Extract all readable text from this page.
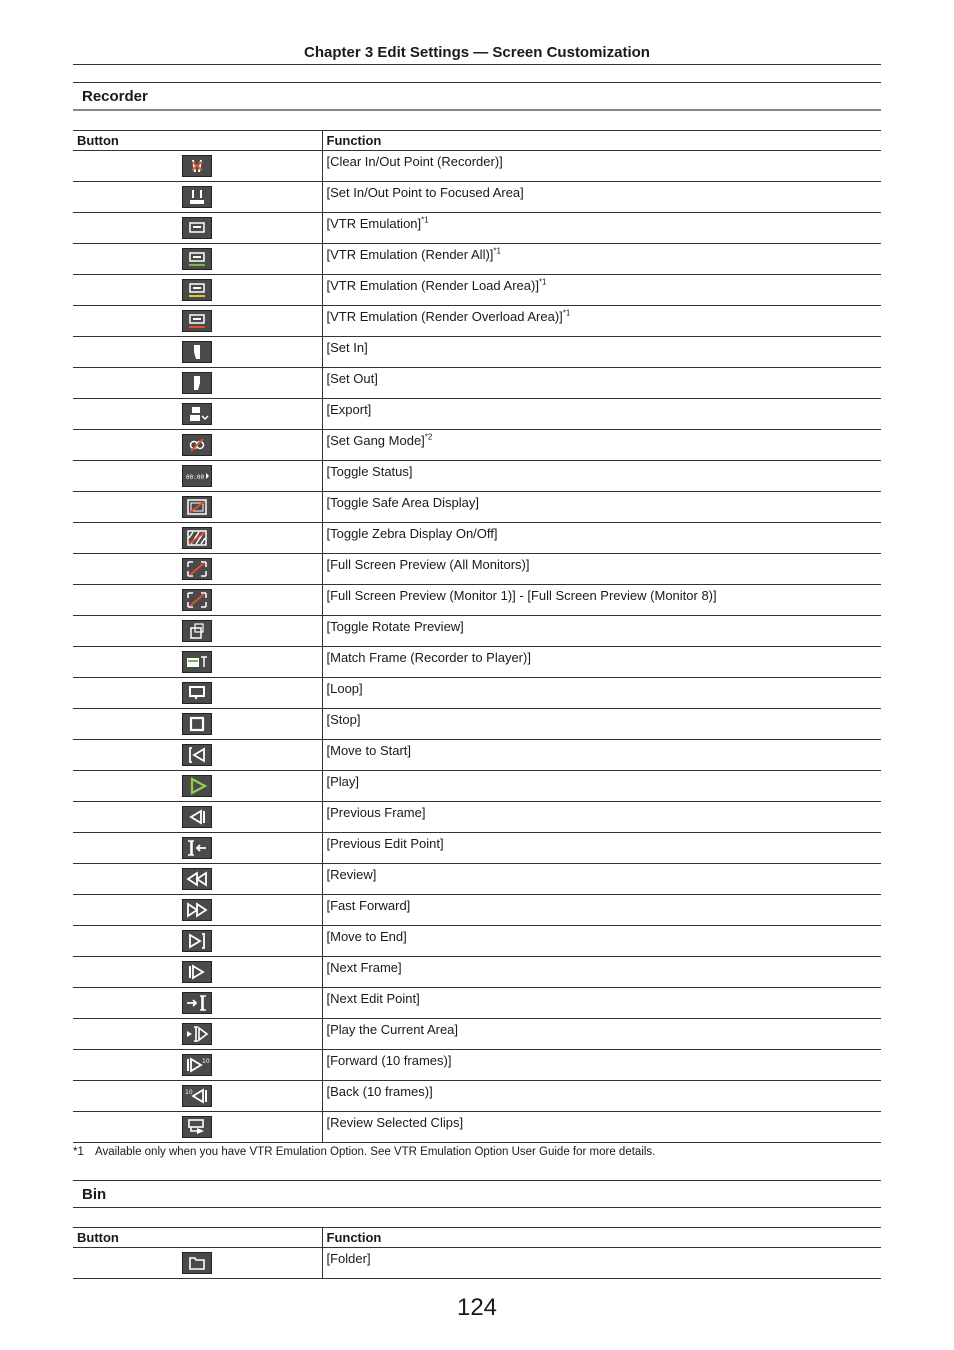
Chapter 3 Edit Settings — Screen Customization
Recorder
Button	Function

	[Clear In/Out Point (Recorder)]

	[Set In/Out Point to Focused Area]

	[VTR Emulation]$^{*1}$

	[VTR Emulation (Render All)]$^{*1}$

	[VTR Emulation (Render Load Area)]$^{*1}$

	[VTR Emulation (Render Overload Area)]$^{*1}$

	[Set In]

	[Set Out]

	[Export]

	[Set Gang Mode]$^{*2}$

00:00	[Toggle Status]

	[Toggle Safe Area Display]

	[Toggle Zebra Display On/Off]

	[Full Screen Preview (All Monitors)]

	[Full Screen Preview (Monitor 1)] - [Full Screen Preview (Monitor 8)]

	[Toggle Rotate Preview]

	[Match Frame (Recorder to Player)]

	[Loop]

	[Stop]

	[Move to Start]

	[Play]

	[Previous Frame]

	[Previous Edit Point]

	[Review]

	[Fast Forward]

	[Move to End]

	[Next Frame]

	[Next Edit Point]

	[Play the Current Area]

10	[Forward (10 frames)]

10	[Back (10 frames)]

	[Review Selected Clips]
*1 Available only when you have VTR Emulation Option. See VTR Emulation Option User Guide for more details.
Bin
Button	Function

	[Folder]
124
